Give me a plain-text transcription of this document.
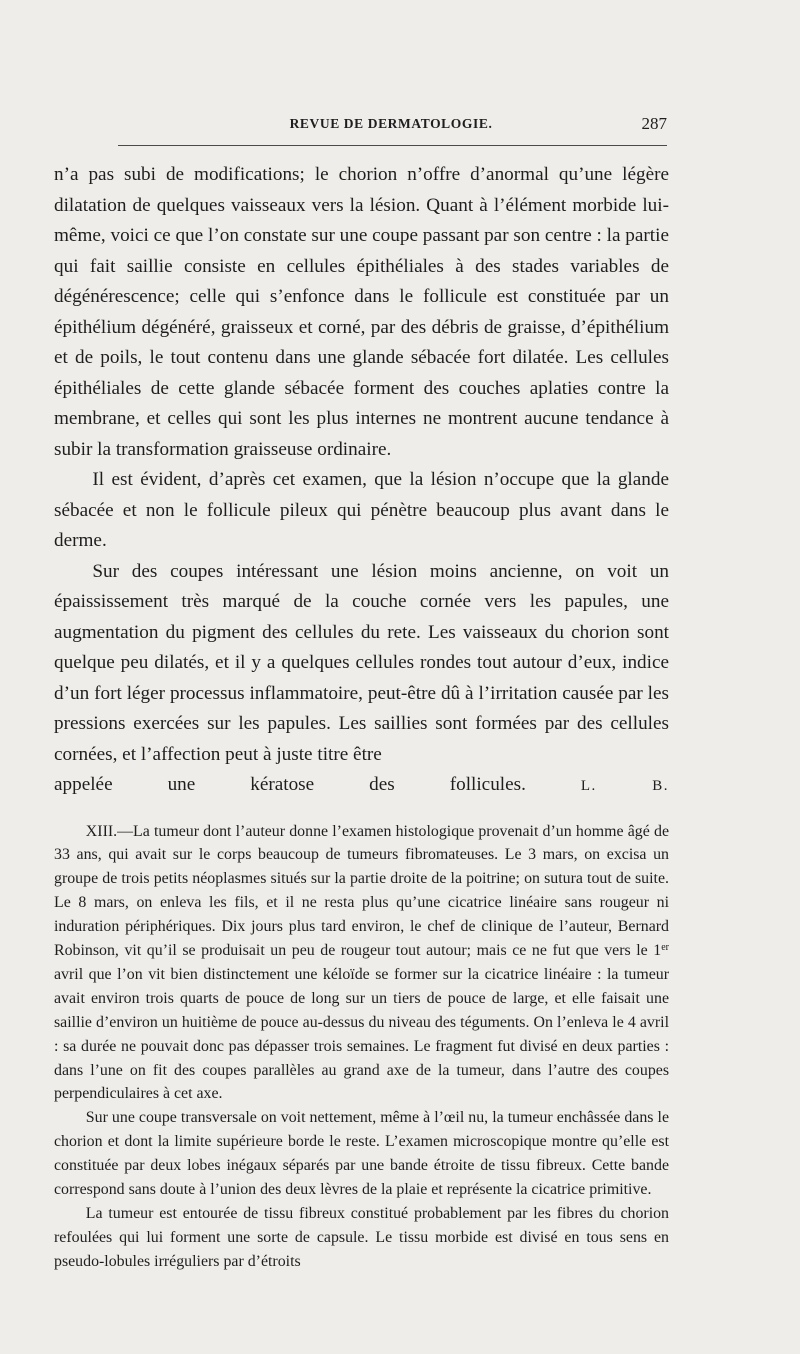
REVUE DE DERMATOLOGIE.	287

n’a pas subi de modifications; le chorion n’offre d’anormal qu’une légère dilatation de quelques vaisseaux vers la lésion. Quant à l’élément morbide lui-même, voici ce que l’on constate sur une coupe passant par son centre : la partie qui fait saillie consiste en cellules épithéliales à des stades variables de dégénérescence; celle qui s’enfonce dans le follicule est constituée par un épithélium dégénéré, graisseux et corné, par des débris de graisse, d’épithélium et de poils, le tout contenu dans une glande sébacée fort dilatée. Les cellules épithéliales de cette glande sébacée forment des couches aplaties contre la membrane, et celles qui sont les plus internes ne montrent aucune tendance à subir la transformation graisseuse ordinaire.

Il est évident, d’après cet examen, que la lésion n’occupe que la glande sébacée et non le follicule pileux qui pénètre beaucoup plus avant dans le derme.

Sur des coupes intéressant une lésion moins ancienne, on voit un épaississement très marqué de la couche cornée vers les papules, une augmentation du pigment des cellules du rete. Les vaisseaux du chorion sont quelque peu dilatés, et il y a quelques cellules rondes tout autour d’eux, indice d’un fort léger processus inflammatoire, peut-être dû à l’irritation causée par les pressions exercées sur les papules. Les saillies sont formées par des cellules cornées, et l’affection peut à juste titre être

appelée une kératose des follicules.	L. B.

XIII.—La tumeur dont l’auteur donne l’examen histologique provenait d’un homme âgé de 33 ans, qui avait sur le corps beaucoup de tumeurs fibromateuses. Le 3 mars, on excisa un groupe de trois petits néoplasmes situés sur la partie droite de la poitrine; on sutura tout de suite. Le 8 mars, on enleva les fils, et il ne resta plus qu’une cicatrice linéaire sans rougeur ni induration périphériques. Dix jours plus tard environ, le chef de clinique de l’auteur, Bernard Robinson, vit qu’il se produisait un peu de rougeur tout autour; mais ce ne fut que vers le 1er avril que l’on vit bien distinctement une kéloïde se former sur la cicatrice linéaire : la tumeur avait environ trois quarts de pouce de long sur un tiers de pouce de large, et elle faisait une saillie d’environ un huitième de pouce au-dessus du niveau des téguments. On l’enleva le 4 avril : sa durée ne pouvait donc pas dépasser trois semaines. Le fragment fut divisé en deux parties : dans l’une on fit des coupes parallèles au grand axe de la tumeur, dans l’autre des coupes perpendiculaires à cet axe.

Sur une coupe transversale on voit nettement, même à l’œil nu, la tumeur enchâssée dans le chorion et dont la limite supérieure borde le reste. L’examen microscopique montre qu’elle est constituée par deux lobes inégaux séparés par une bande étroite de tissu fibreux. Cette bande correspond sans doute à l’union des deux lèvres de la plaie et représente la cicatrice primitive.

La tumeur est entourée de tissu fibreux constitué probablement par les fibres du chorion refoulées qui lui forment une sorte de capsule. Le tissu morbide est divisé en tous sens en pseudo-lobules irréguliers par d’étroits
